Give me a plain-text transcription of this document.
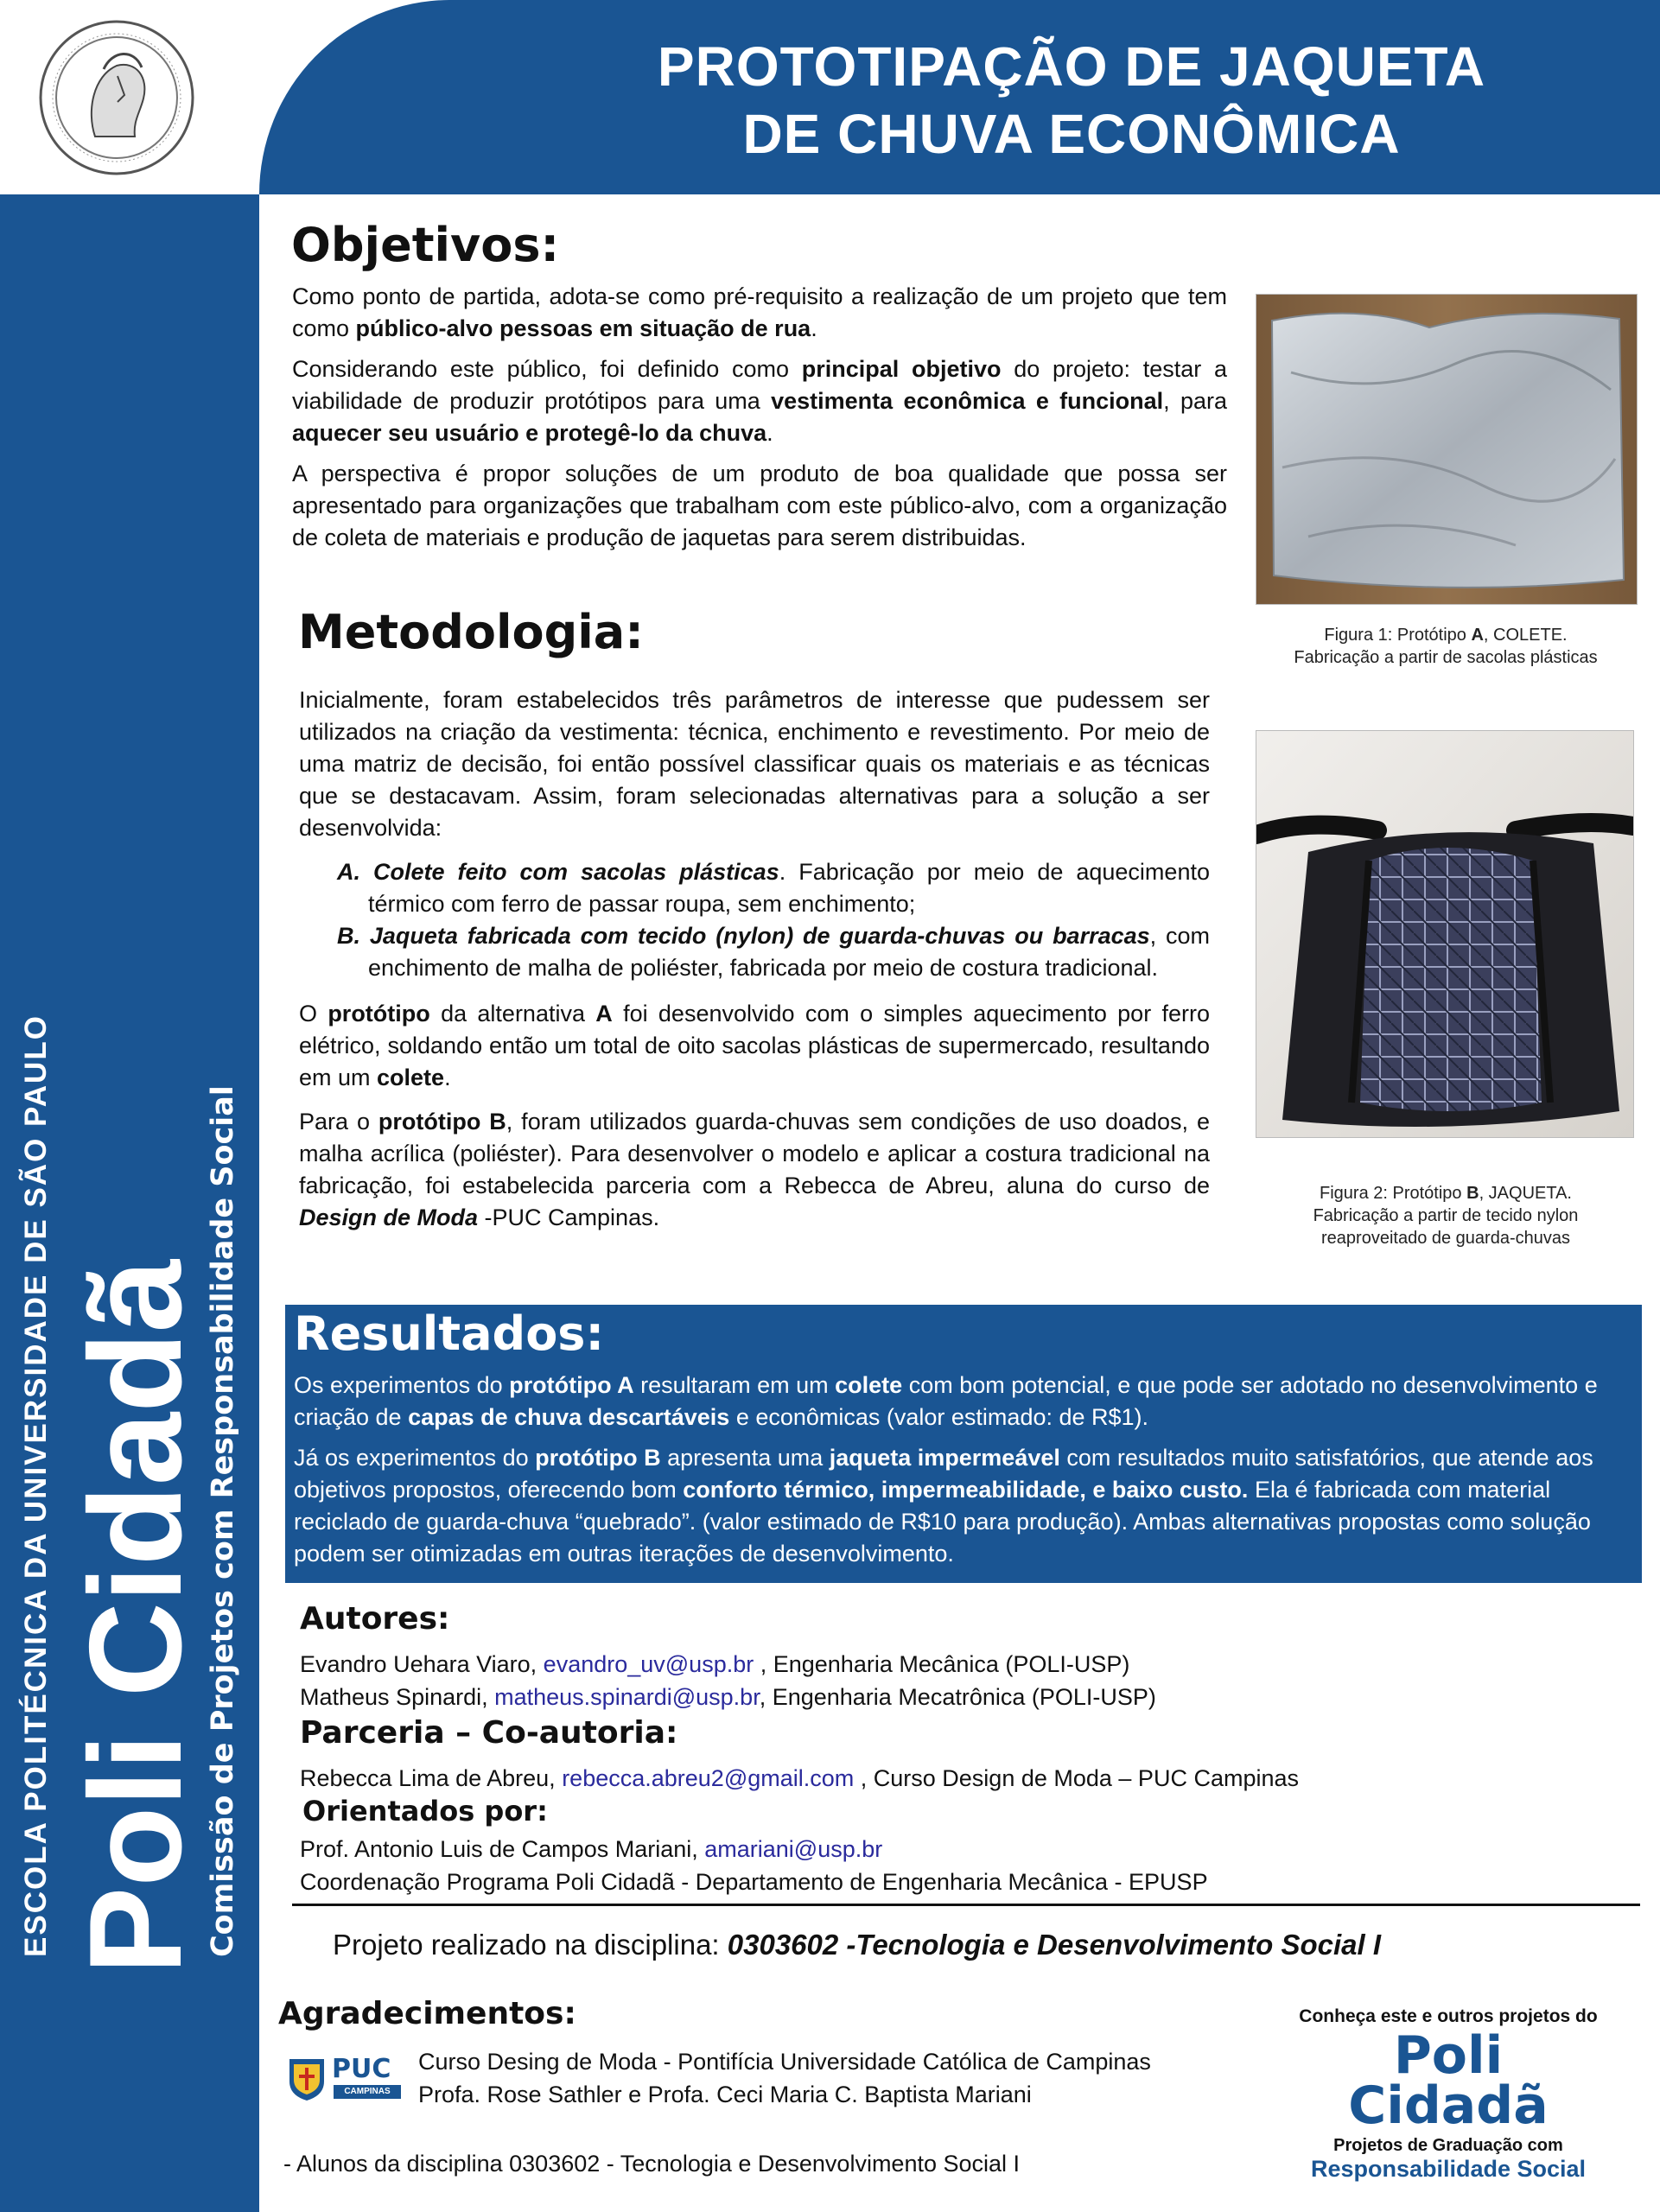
PROTOTIPAÇÃO DE JAQUETA
DE CHUVA ECONÔMICA
ESCOLA POLITÉCNICA DA UNIVERSIDADE DE SÃO PAULO Poli Cidadã
Comissão de Projetos com Responsabilidade Social
Objetivos:

Como ponto de partida, adota-se como pré-requisito a realização de um projeto que tem como público-alvo pessoas em situação de rua.

Considerando este público, foi definido como principal objetivo do projeto: testar a viabilidade de produzir protótipos para uma vestimenta econômica e funcional, para aquecer seu usuário e protegê-lo da chuva.

A perspectiva é propor soluções de um produto de boa qualidade que possa ser apresentado para organizações que trabalham com este público-alvo, com a organização de coleta de materiais e produção de jaquetas para serem distribuidas.

Metodologia:

Inicialmente, foram estabelecidos três parâmetros de interesse que pudessem ser utilizados na criação da vestimenta: técnica, enchimento e revestimento. Por meio de uma matriz de decisão, foi então possível classificar quais os materiais e as técnicas que se destacavam. Assim, foram selecionadas alternativas para a solução a ser desenvolvida:

A. Colete feito com sacolas plásticas. Fabricação por meio de aquecimento térmico com ferro de passar roupa, sem enchimento;

B. Jaqueta fabricada com tecido (nylon) de guarda-chuvas ou barracas, com enchimento de malha de poliéster, fabricada por meio de costura tradicional.

O protótipo da alternativa A foi desenvolvido com o simples aquecimento por ferro elétrico, soldando então um total de oito sacolas plásticas de supermercado, resultando em um colete.

Para o protótipo B, foram utilizados guarda-chuvas sem condições de uso doados, e malha acrílica (poliéster). Para desenvolver o modelo e aplicar a costura tradicional na fabricação, foi estabelecida parceria com a Rebecca de Abreu, aluna do curso de Design de Moda -PUC Campinas.

Figura 1: Protótipo A, COLETE.
Fabricação a partir de sacolas plásticas
Figura 2: Protótipo B, JAQUETA.
Fabricação a partir de tecido nylon
reaproveitado de guarda-chuvas
Resultados:

Os experimentos do protótipo A resultaram em um colete com bom potencial, e que pode ser adotado no desenvolvimento e criação de capas de chuva descartáveis e econômicas (valor estimado: de R$1).

Já os experimentos do protótipo B apresenta uma jaqueta impermeável com resultados muito satisfatórios, que atende aos objetivos propostos, oferecendo bom conforto térmico, impermeabilidade, e baixo custo. Ela é fabricada com material reciclado de guarda-chuva “quebrado”. (valor estimado de R$10 para produção). Ambas alternativas propostas como solução podem ser otimizadas em outras iterações de desenvolvimento.

Autores:
Evandro Uehara Viaro, evandro_uv@usp.br , Engenharia Mecânica (POLI-USP)
Matheus Spinardi, matheus.spinardi@usp.br, Engenharia Mecatrônica (POLI-USP)
Parceria – Co-autoria:
Rebecca Lima de Abreu, rebecca.abreu2@gmail.com , Curso Design de Moda – PUC Campinas
Orientados por:
Prof. Antonio Luis de Campos Mariani, amariani@usp.br
Coordenação Programa Poli Cidadã - Departamento de Engenharia Mecânica - EPUSP
Projeto realizado na disciplina: 0303602 -Tecnologia e Desenvolvimento Social I
Agradecimentos:
PUC
CAMPINAS
Curso Desing de Moda - Pontifícia Universidade Católica de Campinas
Profa. Rose Sathler e Profa. Ceci Maria C. Baptista Mariani
- Alunos da disciplina 0303602 - Tecnologia e Desenvolvimento Social I
Conheça este e outros projetos do
Poli
Cidadã
Projetos de Graduação com
Responsabilidade Social
